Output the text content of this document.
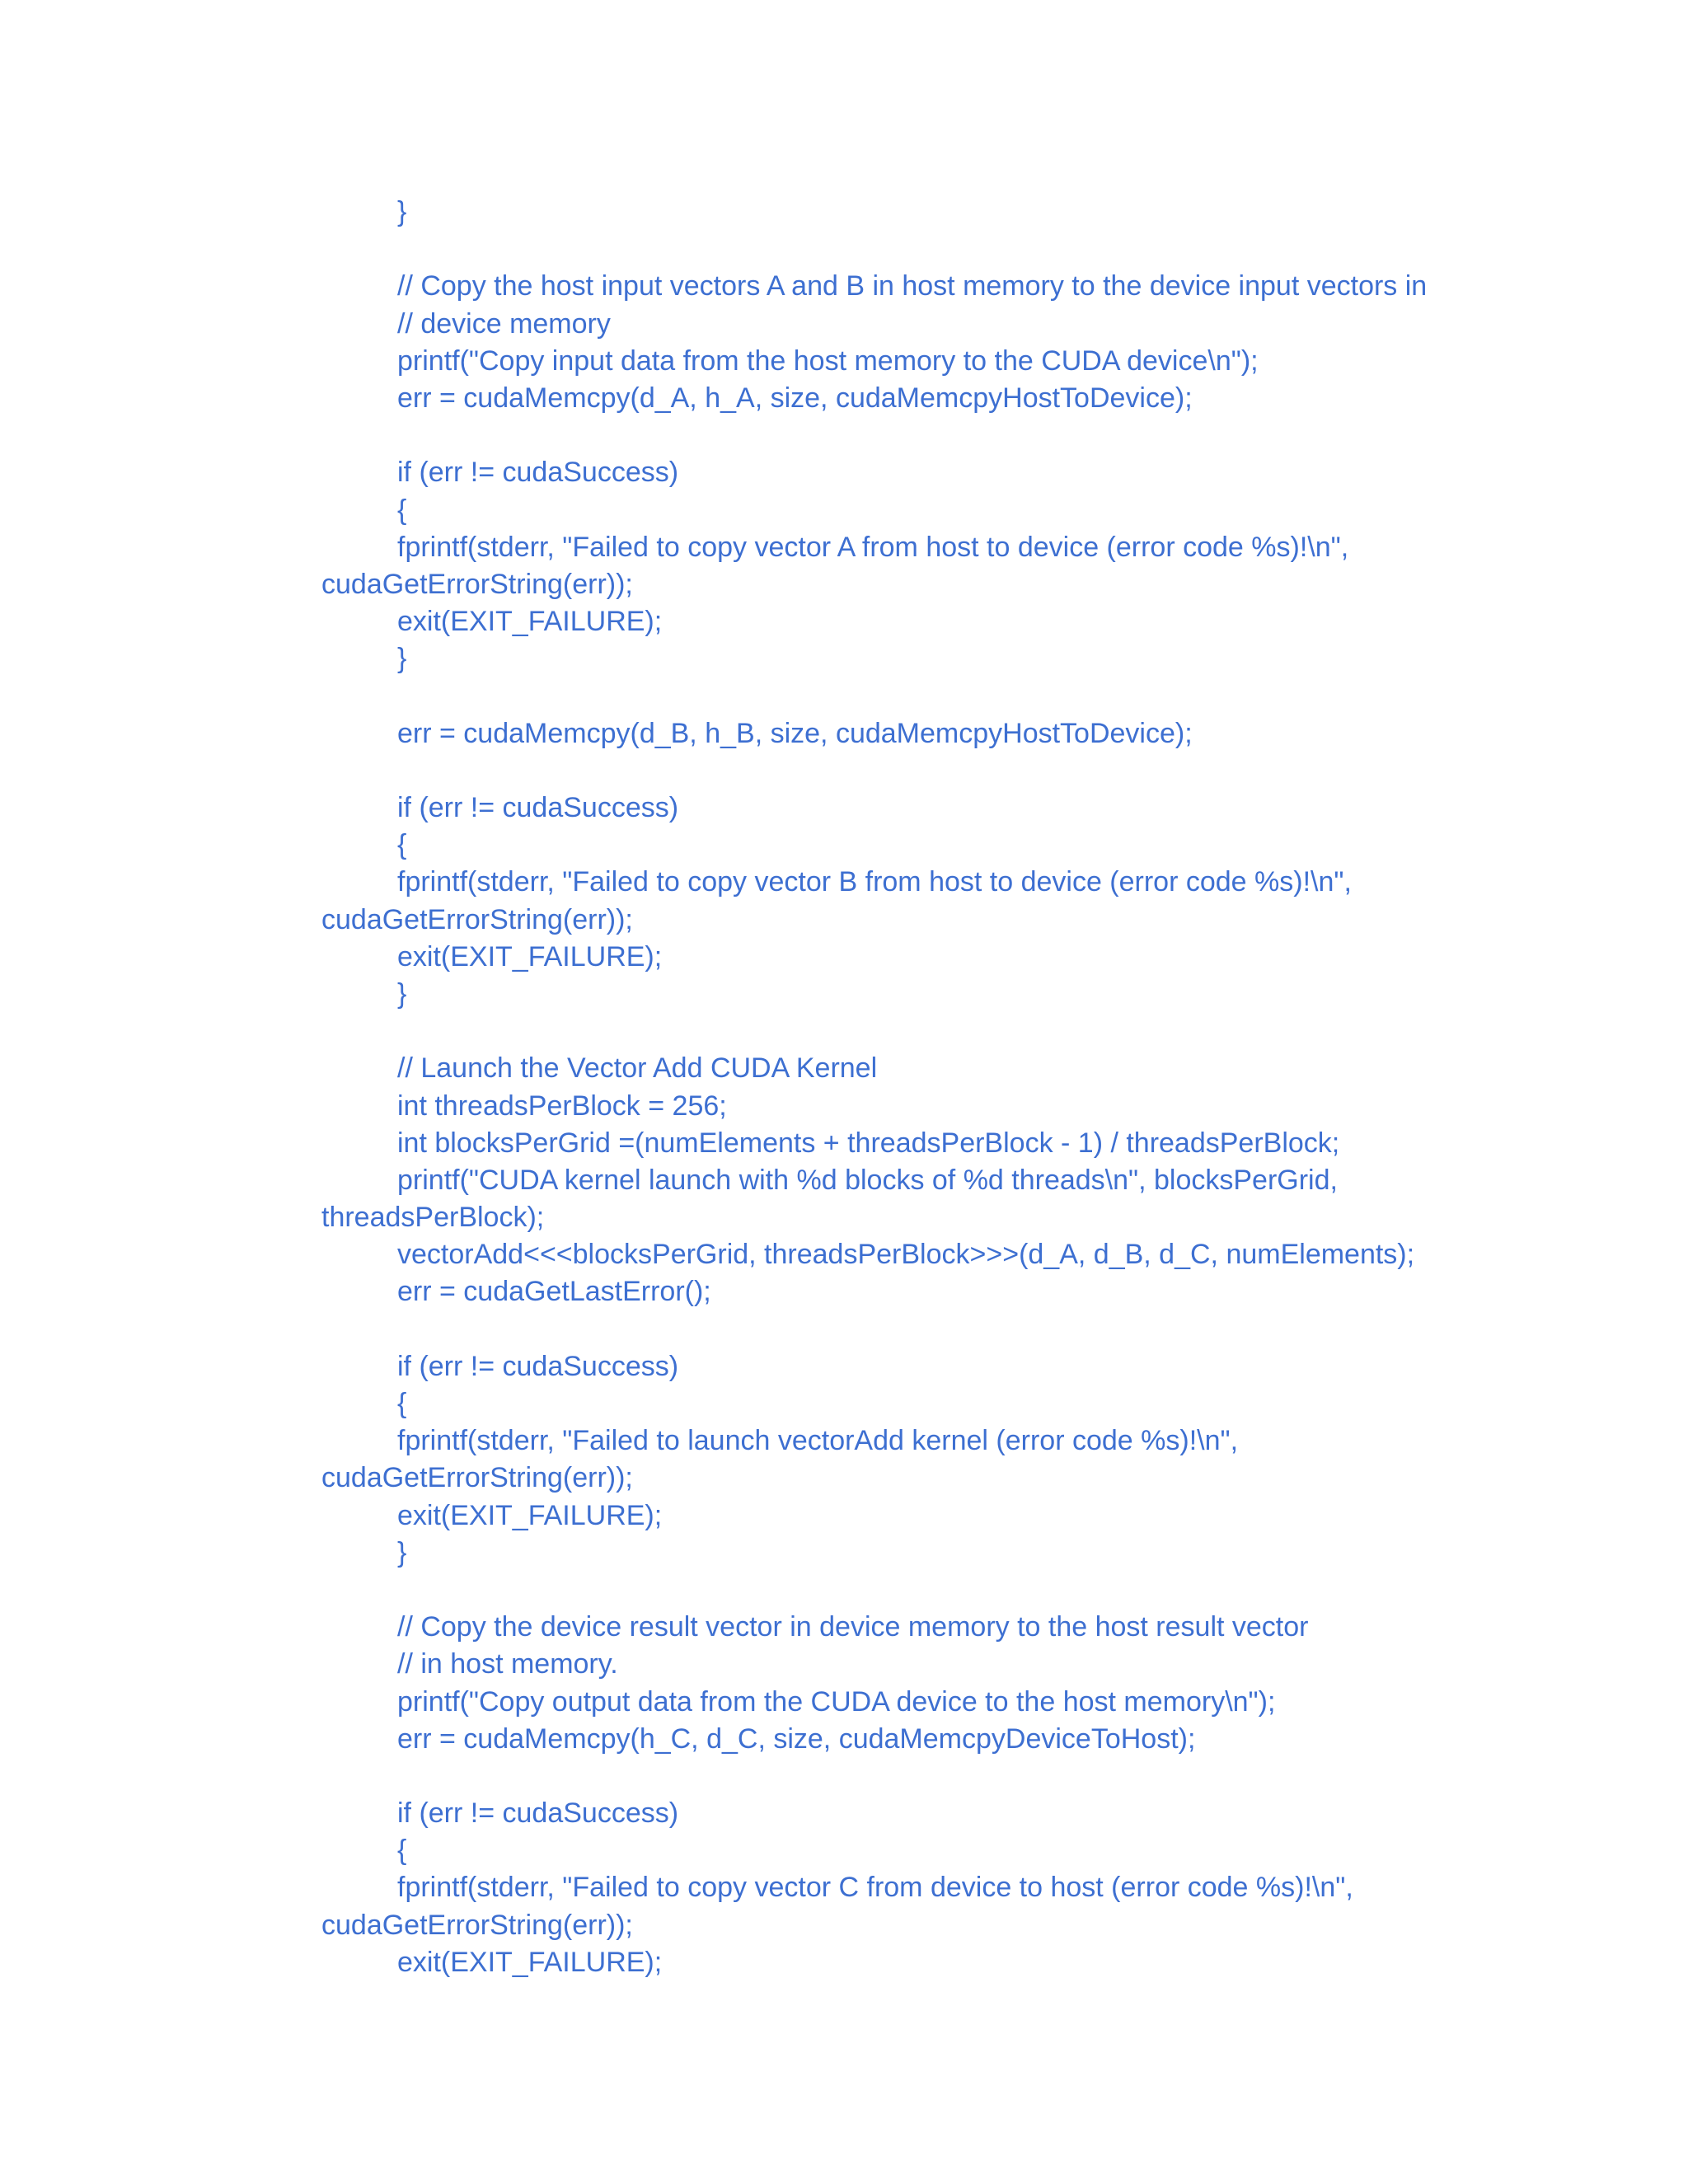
}
// Copy the host input vectors A and B in host memory to the device input vectors in
// device memory
printf("Copy input data from the host memory to the CUDA device\n");
err = cudaMemcpy(d_A, h_A, size, cudaMemcpyHostToDevice);
if (err != cudaSuccess)
{
fprintf(stderr, "Failed to copy vector A from host to device (error code %s)!\n",
cudaGetErrorString(err));
exit(EXIT_FAILURE);
}
err = cudaMemcpy(d_B, h_B, size, cudaMemcpyHostToDevice);
if (err != cudaSuccess)
{
fprintf(stderr, "Failed to copy vector B from host to device (error code %s)!\n",
cudaGetErrorString(err));
exit(EXIT_FAILURE);
}
// Launch the Vector Add CUDA Kernel
int threadsPerBlock = 256;
int blocksPerGrid =(numElements + threadsPerBlock - 1) / threadsPerBlock;
printf("CUDA kernel launch with %d blocks of %d threads\n", blocksPerGrid,
threadsPerBlock);
vectorAdd<<<blocksPerGrid, threadsPerBlock>>>(d_A, d_B, d_C, numElements);
err = cudaGetLastError();
if (err != cudaSuccess)
{
fprintf(stderr, "Failed to launch vectorAdd kernel (error code %s)!\n",
cudaGetErrorString(err));
exit(EXIT_FAILURE);
}
// Copy the device result vector in device memory to the host result vector
// in host memory.
printf("Copy output data from the CUDA device to the host memory\n");
err = cudaMemcpy(h_C, d_C, size, cudaMemcpyDeviceToHost);
if (err != cudaSuccess)
{
fprintf(stderr, "Failed to copy vector C from device to host (error code %s)!\n",
cudaGetErrorString(err));
exit(EXIT_FAILURE);
